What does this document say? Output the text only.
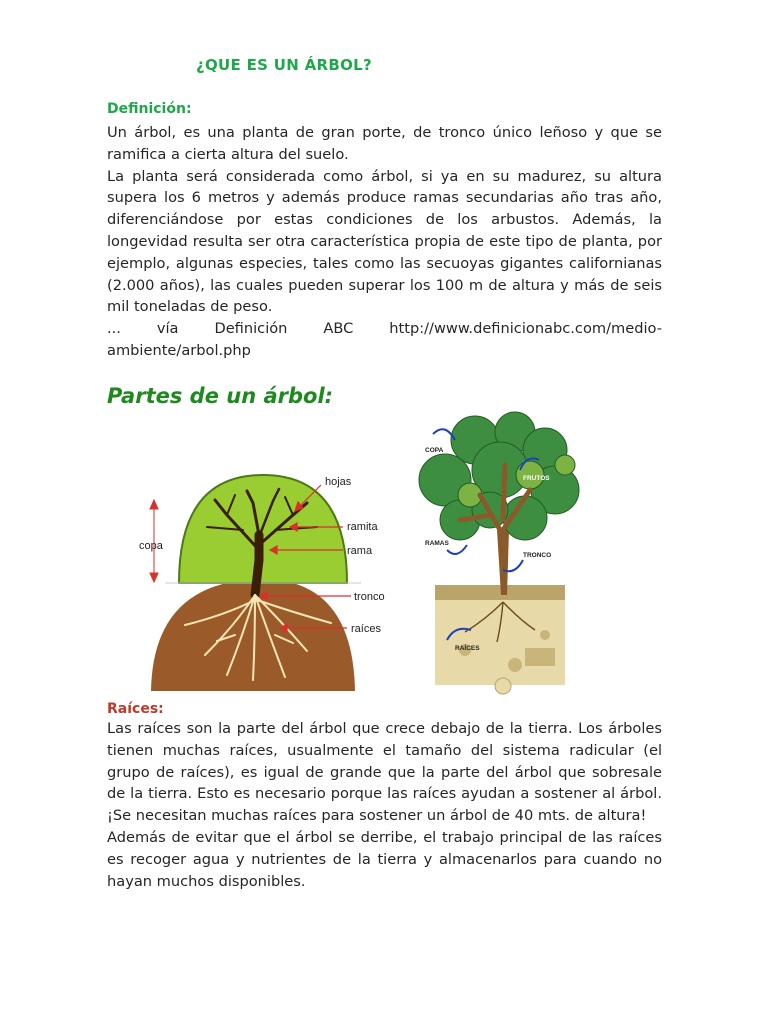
¿QUE ES UN ÁRBOL?
Definición:

Un árbol, es una planta de gran porte, de tronco único leñoso y que se ramifica a cierta altura del suelo.

La planta será considerada como árbol, si ya en su madurez, su altura supera los 6 metros y además produce ramas secundarias año tras año, diferenciándose por estas condiciones de los arbustos. Además, la longevidad resulta ser otra característica propia de este tipo de planta, por ejemplo, algunas especies, tales como las secuoyas gigantes californianas (2.000 años), las cuales pueden superar los 100 m de altura y más de seis mil toneladas de peso.

... vía Definición ABC http://www.definicionabc.com/medio-ambiente/arbol.php

Partes de un árbol:
copa
hojas
ramita
rama
tronco
raíces
COPA
FRUTOS
RAMAS
TRONCO
RAÍCES
Raíces:

Las raíces son la parte del árbol que crece debajo de la tierra. Los árboles tienen muchas raíces, usualmente el tamaño del sistema radicular (el grupo de raíces), es igual de grande que la parte del árbol que sobresale de la tierra. Esto es necesario porque las raíces ayudan a sostener al árbol. ¡Se necesitan muchas raíces para sostener un árbol de 40 mts. de altura!

Además de evitar que el árbol se derribe, el trabajo principal de las raíces es recoger agua y nutrientes de la tierra y almacenarlos para cuando no hayan muchos disponibles.
